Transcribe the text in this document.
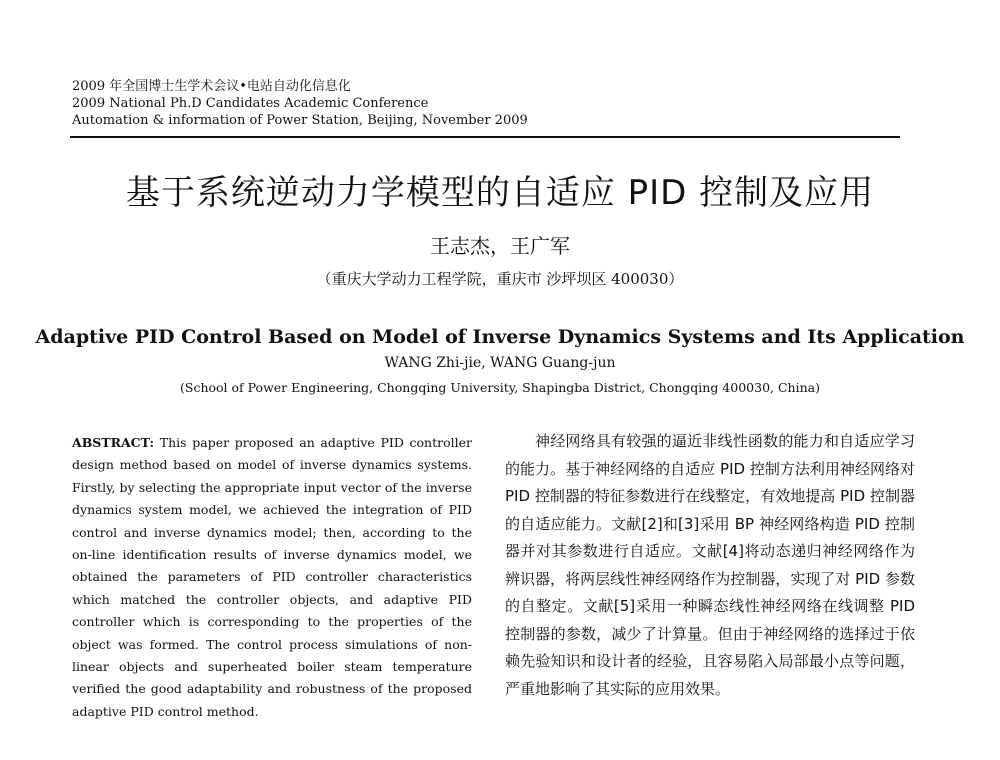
2009 年全国博士生学术会议•电站自动化信息化
2009 National Ph.D Candidates Academic Conference
Automation & information of Power Station, Beijing, November 2009
基于系统逆动力学模型的自适应 PID 控制及应用
王志杰，王广军
（重庆大学动力工程学院，重庆市 沙坪坝区 400030）
Adaptive PID Control Based on Model of Inverse Dynamics Systems and Its Application
WANG Zhi-jie, WANG Guang-jun
(School of Power Engineering, Chongqing University, Shapingba District, Chongqing 400030, China)
ABSTRACT: This paper proposed an adaptive PID controller design method based on model of inverse dynamics systems. Firstly, by selecting the appropriate input vector of the inverse dynamics system model, we achieved the integration of PID control and inverse dynamics model; then, according to the on-line identification results of inverse dynamics model, we obtained the parameters of PID controller characteristics which matched the controller objects, and adaptive PID controller which is corresponding to the properties of the object was formed. The control process simulations of non-linear objects and superheated boiler steam temperature verified the good adaptability and robustness of the proposed adaptive PID control method.
神经网络具有较强的逼近非线性函数的能力和自适应学习的能力。基于神经网络的自适应 PID 控制方法利用神经网络对 PID 控制器的特征参数进行在线整定，有效地提高 PID 控制器的自适应能力。文献[2]和[3]采用 BP 神经网络构造 PID 控制器并对其参数进行自适应。文献[4]将动态递归神经网络作为辨识器，将两层线性神经网络作为控制器，实现了对 PID 参数的自整定。文献[5]采用一种瞬态线性神经网络在线调整 PID 控制器的参数，减少了计算量。但由于神经网络的选择过于依赖先验知识和设计者的经验，且容易陷入局部最小点等问题，严重地影响了其实际的应用效果。
